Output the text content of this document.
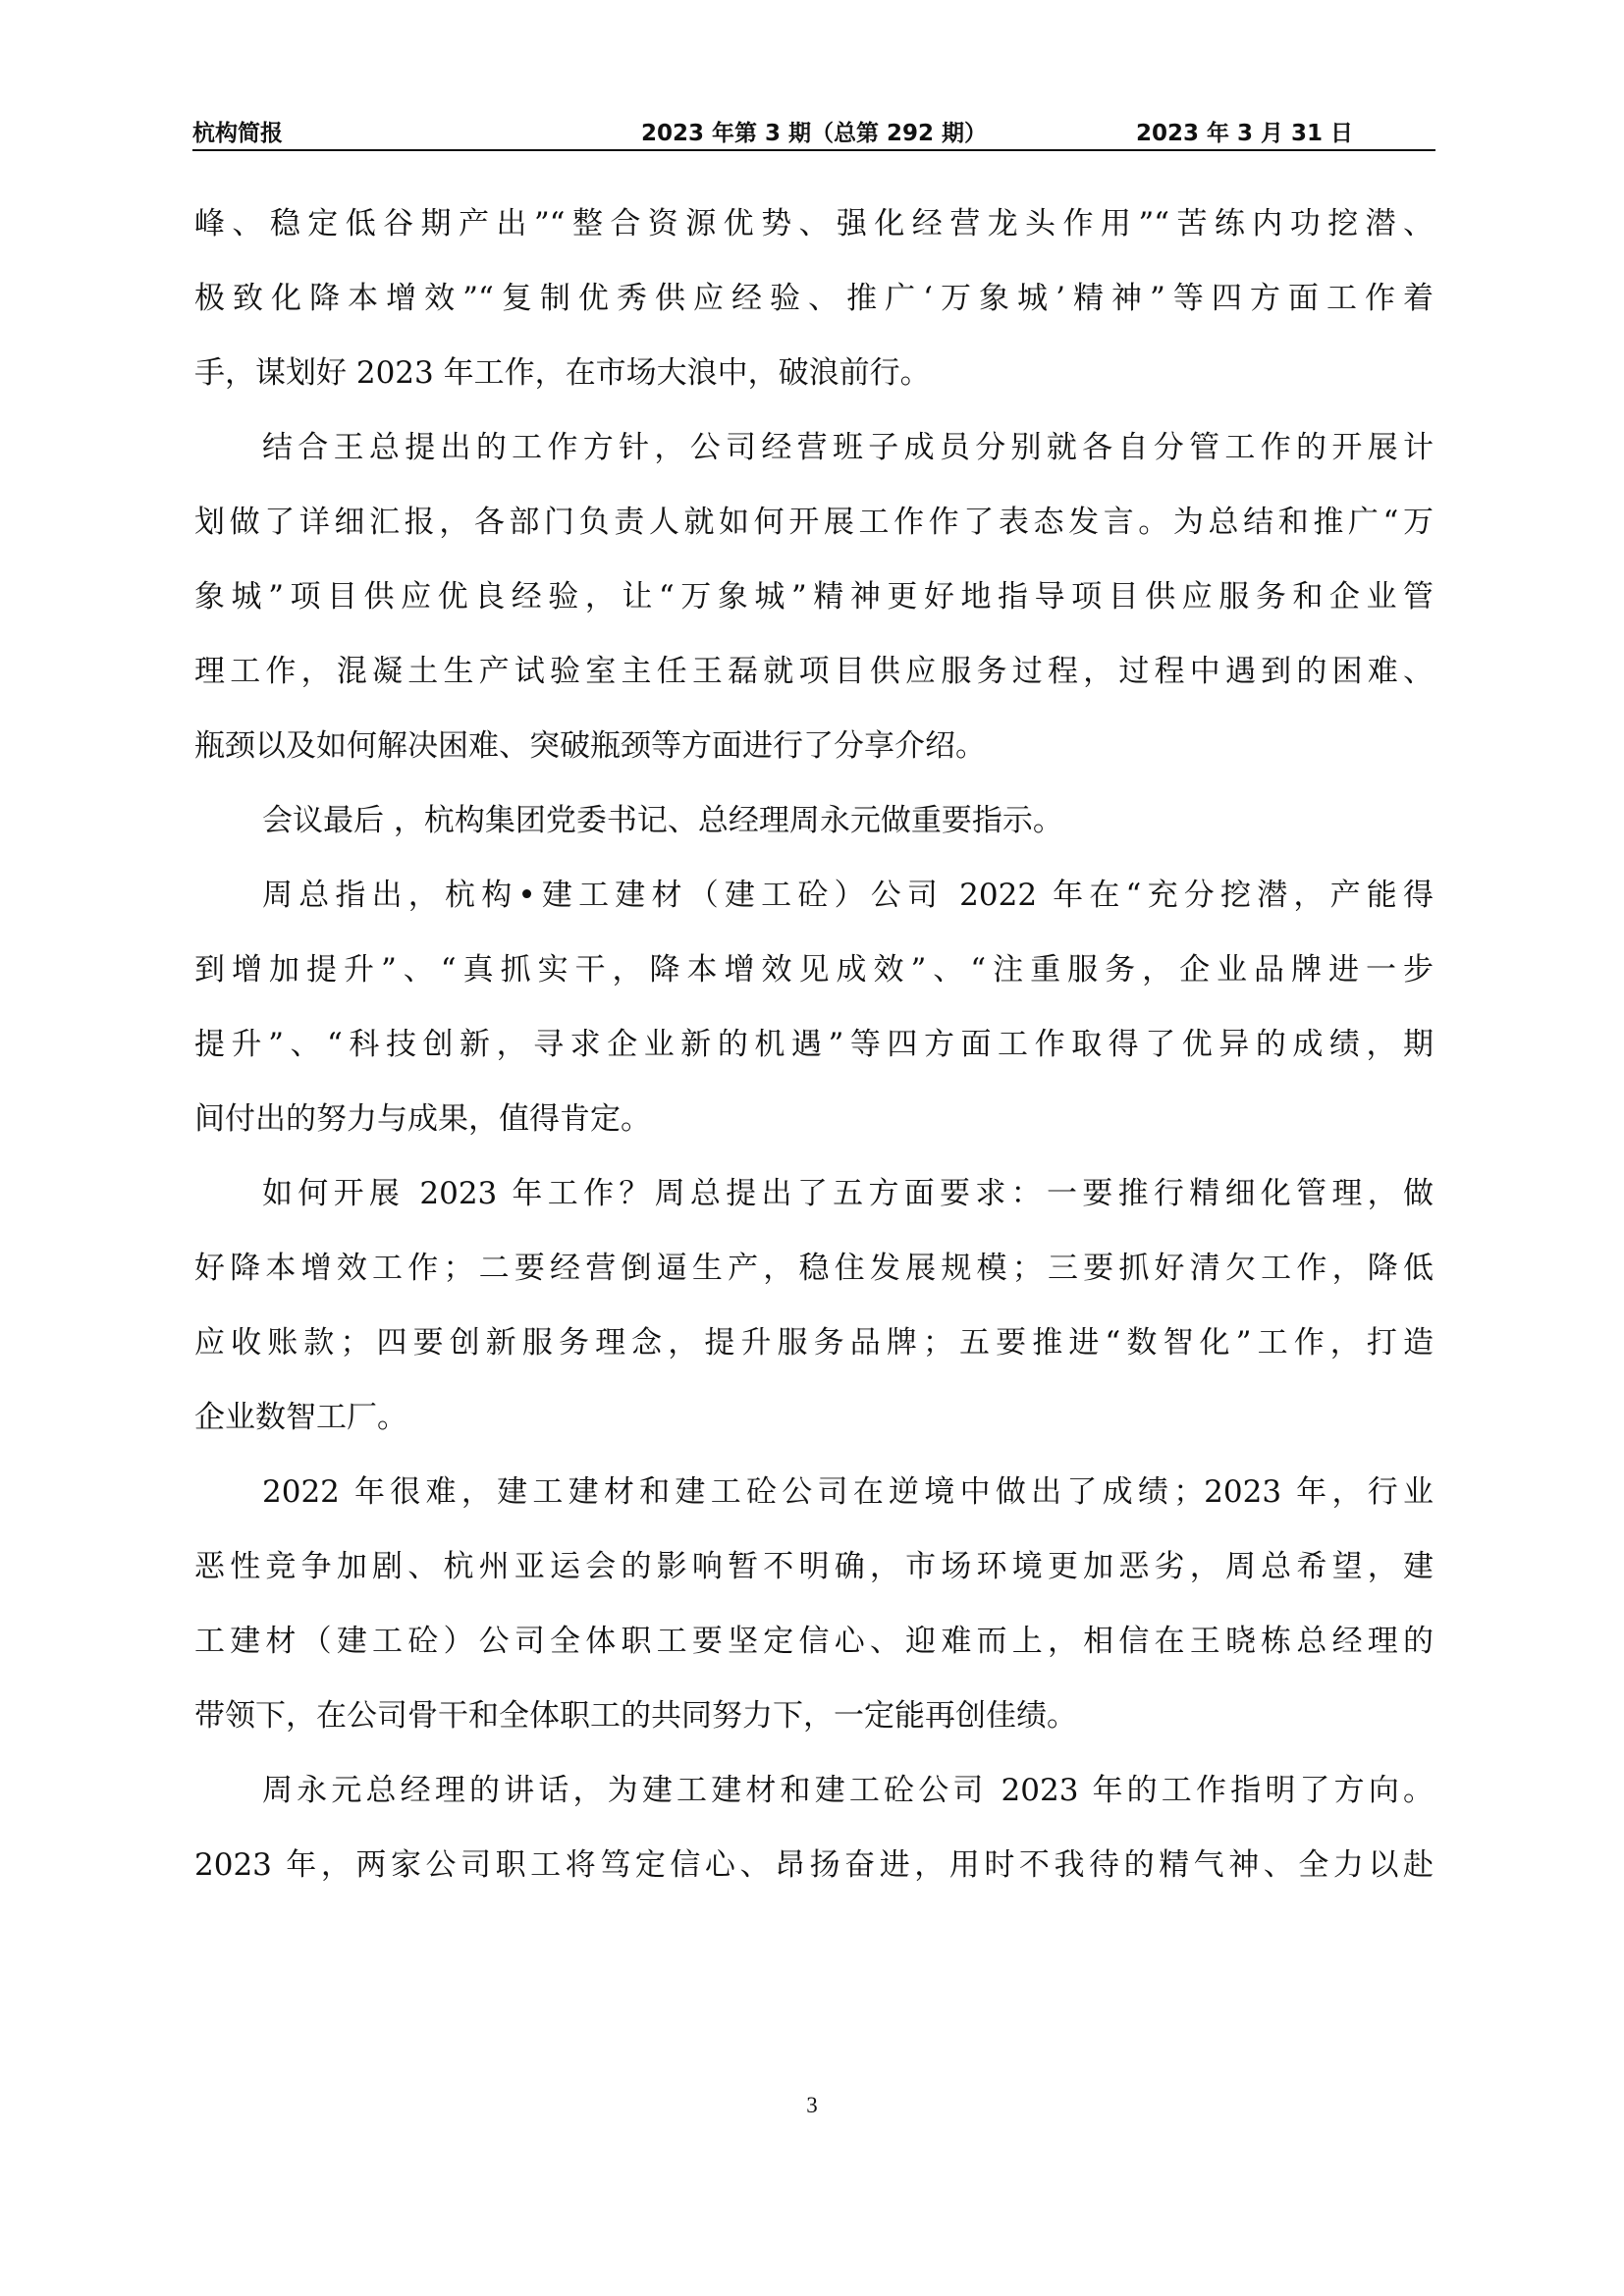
杭构简报	2023 年第 3 期（总第 292 期）	2023 年 3 月 31 日
峰、稳定低谷期产出”“整合资源优势、强化经营龙头作用”“苦练内功挖潜、
极致化降本增效”“复制优秀供应经验、推广‘万象城’精神”等四方面工作着
手，谋划好 2023 年工作，在市场大浪中，破浪前行。
结合王总提出的工作方针，公司经营班子成员分别就各自分管工作的开展计
划做了详细汇报，各部门负责人就如何开展工作作了表态发言。为总结和推广“万
象城”项目供应优良经验，让“万象城”精神更好地指导项目供应服务和企业管
理工作，混凝土生产试验室主任王磊就项目供应服务过程，过程中遇到的困难、
瓶颈以及如何解决困难、突破瓶颈等方面进行了分享介绍。
会议最后 ，杭构集团党委书记、总经理周永元做重要指示。
周总指出，杭构•建工建材（建工砼）公司 2022 年在“充分挖潜，产能得
到增加提升”、“真抓实干，降本增效见成效”、“注重服务，企业品牌进一步
提升”、“科技创新，寻求企业新的机遇”等四方面工作取得了优异的成绩，期
间付出的努力与成果，值得肯定。
如何开展 2023 年工作？周总提出了五方面要求：一要推行精细化管理，做
好降本增效工作；二要经营倒逼生产，稳住发展规模；三要抓好清欠工作，降低
应收账款；四要创新服务理念，提升服务品牌；五要推进“数智化”工作，打造
企业数智工厂。
2022 年很难，建工建材和建工砼公司在逆境中做出了成绩；2023 年，行业
恶性竞争加剧、杭州亚运会的影响暂不明确，市场环境更加恶劣，周总希望，建
工建材（建工砼）公司全体职工要坚定信心、迎难而上，相信在王晓栋总经理的
带领下，在公司骨干和全体职工的共同努力下，一定能再创佳绩。
周永元总经理的讲话，为建工建材和建工砼公司 2023 年的工作指明了方向。
2023 年，两家公司职工将笃定信心、昂扬奋进，用时不我待的精气神、全力以赴
3
